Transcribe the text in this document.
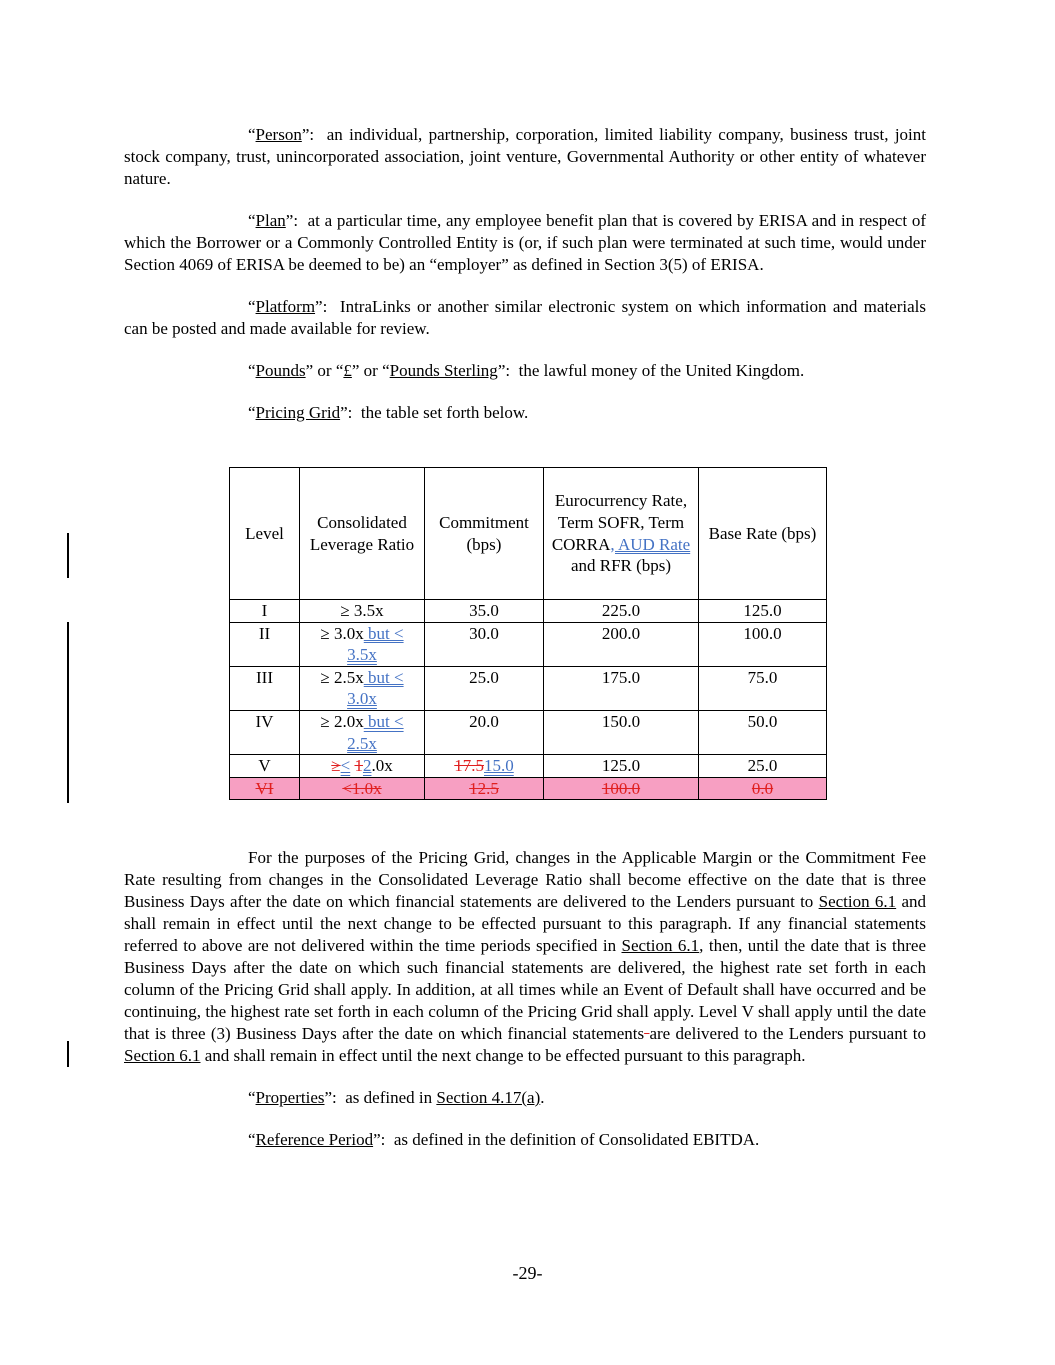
“Person”:  an individual, partnership, corporation, limited liability company, business trust, joint stock company, trust, unincorporated association, joint venture, Governmental Authority or other entity of whatever nature.

“Plan”:  at a particular time, any employee benefit plan that is covered by ERISA and in respect of which the Borrower or a Commonly Controlled Entity is (or, if such plan were terminated at such time, would under Section 4069 of ERISA be deemed to be) an “employer” as defined in Section 3(5) of ERISA.

“Platform”:  IntraLinks or another similar electronic system on which information and materials can be posted and made available for review.

“Pounds” or “£” or “Pounds Sterling”:  the lawful money of the United Kingdom.

“Pricing Grid”:  the table set forth below.

Level	Consolidated Leverage Ratio	Commitment (bps)	Eurocurrency Rate, Term SOFR, Term CORRA, AUD Rate and RFR (bps)	Base Rate (bps)
I	≥ 3.5x	35.0	225.0	125.0
II	≥ 3.0x but < 3.5x	30.0	200.0	100.0
III	≥ 2.5x but < 3.0x	25.0	175.0	75.0
IV	≥ 2.0x but < 2.5x	20.0	150.0	50.0
V	≥< 12.0x	17.515.0	125.0	25.0
VI	<1.0x	12.5	100.0	0.0

For the purposes of the Pricing Grid, changes in the Applicable Margin or the Commitment Fee Rate resulting from changes in the Consolidated Leverage Ratio shall become effective on the date that is three Business Days after the date on which financial statements are delivered to the Lenders pursuant to Section 6.1 and shall remain in effect until the next change to be effected pursuant to this paragraph. If any financial statements referred to above are not delivered within the time periods specified in Section 6.1, then, until the date that is three Business Days after the date on which such financial statements are delivered, the highest rate set forth in each column of the Pricing Grid shall apply. In addition, at all times while an Event of Default shall have occurred and be continuing, the highest rate set forth in each column of the Pricing Grid shall apply. Level V shall apply until the date that is three (3) Business Days after the date on which financial statements are delivered to the Lenders pursuant to Section 6.1 and shall remain in effect until the next change to be effected pursuant to this paragraph.

“Properties”:  as defined in Section 4.17(a).

“Reference Period”:  as defined in the definition of Consolidated EBITDA.

-29-
